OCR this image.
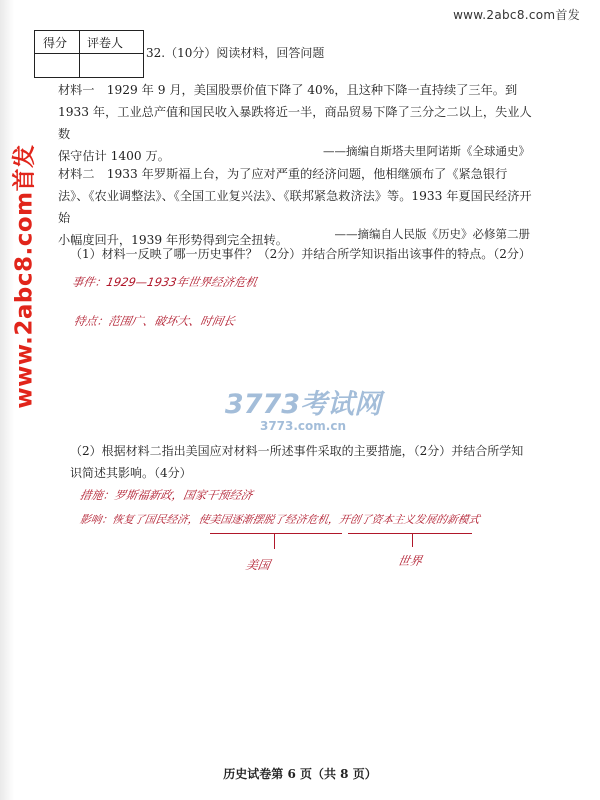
www.2abc8.com首发
得分 评卷人
32.（10分）阅读材料，回答问题
材料一　1929 年 9 月，美国股票价值下降了 40%，且这种下降一直持续了三年。到
1933 年，工业总产值和国民收入暴跌将近一半，商品贸易下降了三分之二以上，失业人数
保守估计 1400 万。	——摘编自斯塔夫里阿诺斯《全球通史》
材料二　1933 年罗斯福上台，为了应对严重的经济问题，他相继颁布了《紧急银行
法》、《农业调整法》、《全国工业复兴法》、《联邦紧急救济法》等。1933 年夏国民经济开始
小幅度回升，1939 年形势得到完全扭转。	——摘编自人民版《历史》必修第二册
（1）材料一反映了哪一历史事件？（2分）并结合所学知识指出该事件的特点。（2分）
事件：1929—1933年世界经济危机
特点：范围广、破坏大、时间长
（2）根据材料二指出美国应对材料一所述事件采取的主要措施，（2分）并结合所学知
识简述其影响。（4分）
措施：罗斯福新政，国家干预经济
影响：恢复了国民经济，使美国逐渐摆脱了经济危机，开创了资本主义发展的新模式
美国	世界
www.2abc8.com首发	3773考试网
3773.com.cn
历史试卷第 6 页（共 8 页）
